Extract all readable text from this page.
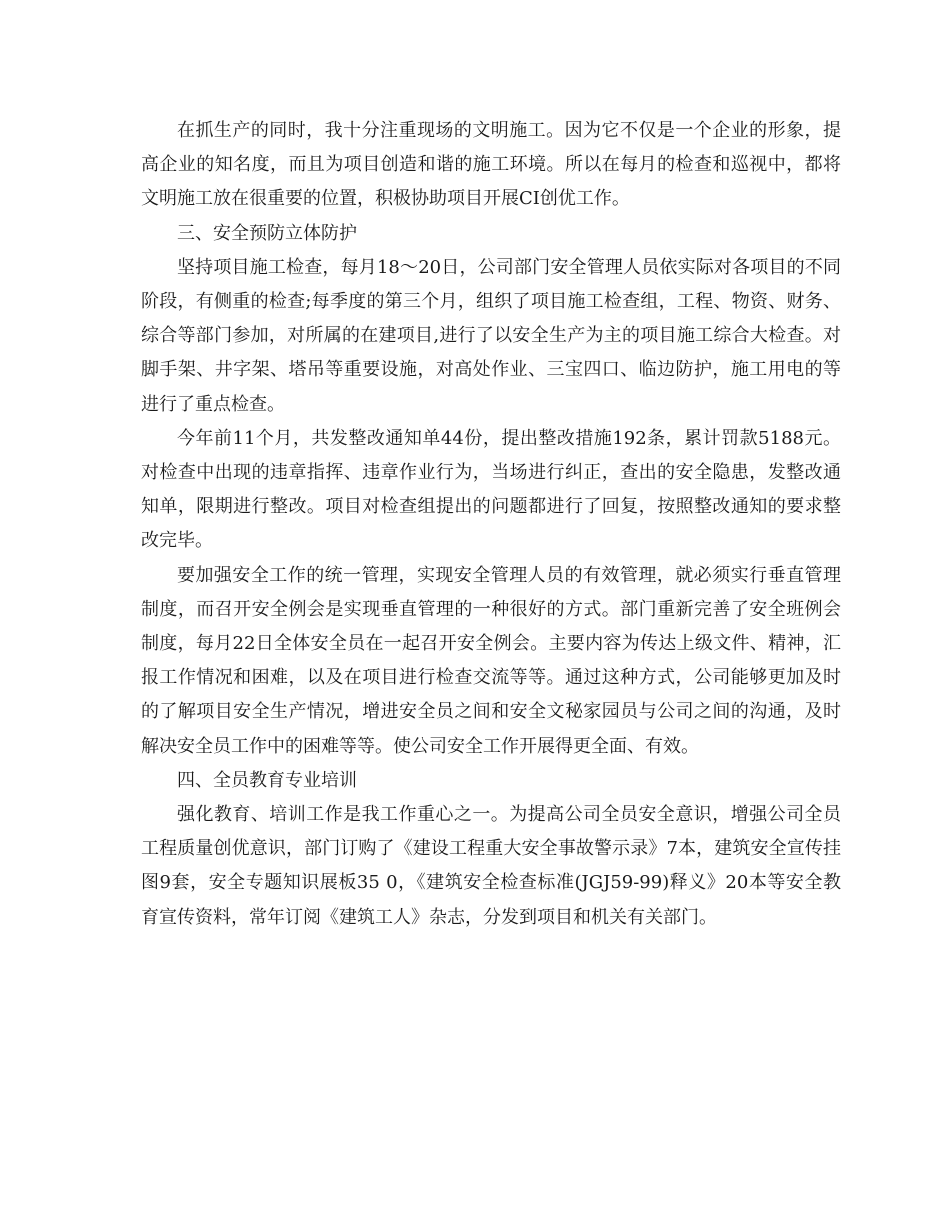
在抓生产的同时，我十分注重现场的文明施工。因为它不仅是一个企业的形象，提高企业的知名度，而且为项目创造和谐的施工环境。所以在每月的检查和巡视中，都将文明施工放在很重要的位置，积极协助项目开展CI创优工作。

三、安全预防立体防护

坚持项目施工检查，每月18～20日，公司部门安全管理人员依实际对各项目的不同阶段，有侧重的检查;每季度的第三个月，组织了项目施工检查组，工程、物资、财务、综合等部门参加，对所属的在建项目,进行了以安全生产为主的项目施工综合大检查。对脚手架、井字架、塔吊等重要设施，对高处作业、三宝四口、临边防护，施工用电的等进行了重点检查。

今年前11个月，共发整改通知单44份，提出整改措施192条，累计罚款5188元。对检查中出现的违章指挥、违章作业行为，当场进行纠正，查出的安全隐患，发整改通知单，限期进行整改。项目对检查组提出的问题都进行了回复，按照整改通知的要求整改完毕。

要加强安全工作的统一管理，实现安全管理人员的有效管理，就必须实行垂直管理制度，而召开安全例会是实现垂直管理的一种很好的方式。部门重新完善了安全班例会制度，每月22日全体安全员在一起召开安全例会。主要内容为传达上级文件、精神，汇报工作情况和困难，以及在项目进行检查交流等等。通过这种方式，公司能够更加及时的了解项目安全生产情况，增进安全员之间和安全文秘家园员与公司之间的沟通，及时解决安全员工作中的困难等等。使公司安全工作开展得更全面、有效。

四、全员教育专业培训

强化教育、培训工作是我工作重心之一。为提高公司全员安全意识，增强公司全员工程质量创优意识，部门订购了《建设工程重大安全事故警示录》7本，建筑安全宣传挂图9套，安全专题知识展板35 0，《建筑安全检查标准(JGJ59-99)释义》20本等安全教育宣传资料，常年订阅《建筑工人》杂志，分发到项目和机关有关部门。
